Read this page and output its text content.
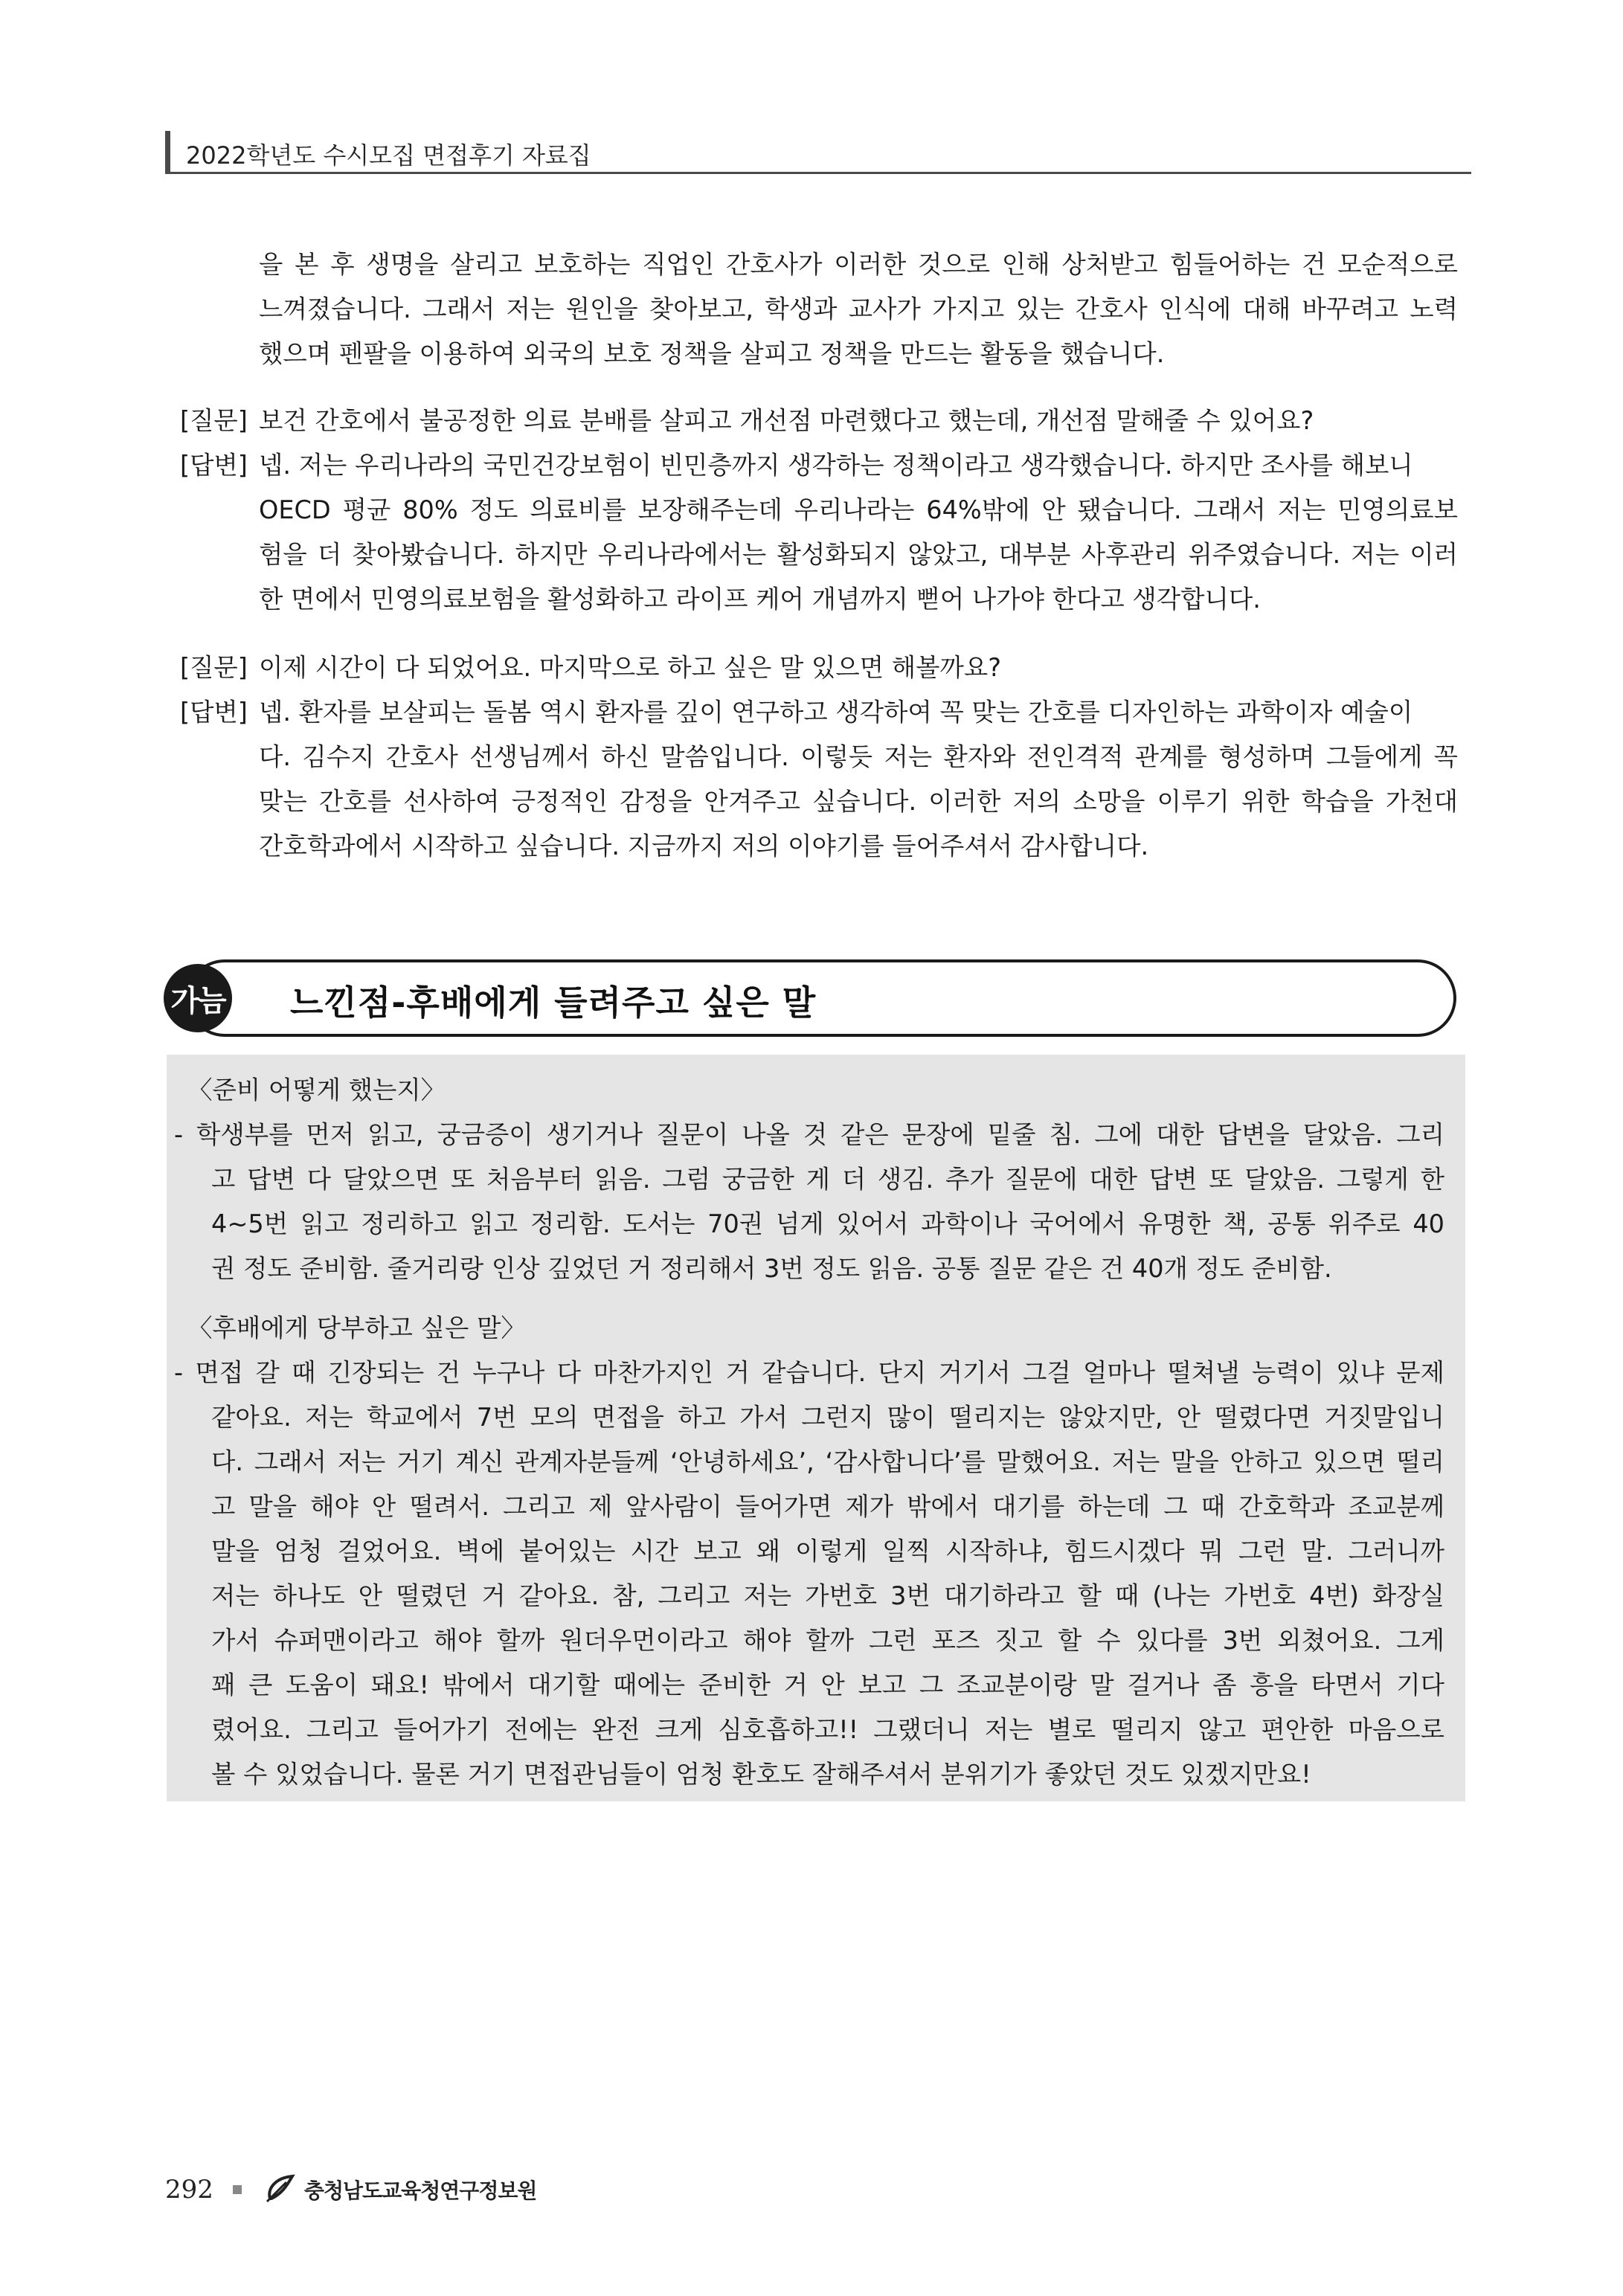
2022학년도 수시모집 면접후기 자료집
을 본 후 생명을 살리고 보호하는 직업인 간호사가 이러한 것으로 인해 상처받고 힘들어하는 건 모순적으로
느껴졌습니다. 그래서 저는 원인을 찾아보고, 학생과 교사가 가지고 있는 간호사 인식에 대해 바꾸려고 노력
했으며 펜팔을 이용하여 외국의 보호 정책을 살피고 정책을 만드는 활동을 했습니다.
[질문] 보건 간호에서 불공정한 의료 분배를 살피고 개선점 마련했다고 했는데, 개선점 말해줄 수 있어요?
[답변] 넵. 저는 우리나라의 국민건강보험이 빈민층까지 생각하는 정책이라고 생각했습니다. 하지만 조사를 해보니
OECD 평균 80% 정도 의료비를 보장해주는데 우리나라는 64%밖에 안 됐습니다. 그래서 저는 민영의료보
험을 더 찾아봤습니다. 하지만 우리나라에서는 활성화되지 않았고, 대부분 사후관리 위주였습니다. 저는 이러
한 면에서 민영의료보험을 활성화하고 라이프 케어 개념까지 뻗어 나가야 한다고 생각합니다.
[질문] 이제 시간이 다 되었어요. 마지막으로 하고 싶은 말 있으면 해볼까요?
[답변] 넵. 환자를 보살피는 돌봄 역시 환자를 깊이 연구하고 생각하여 꼭 맞는 간호를 디자인하는 과학이자 예술이
다. 김수지 간호사 선생님께서 하신 말씀입니다. 이렇듯 저는 환자와 전인격적 관계를 형성하며 그들에게 꼭
맞는 간호를 선사하여 긍정적인 감정을 안겨주고 싶습니다. 이러한 저의 소망을 이루기 위한 학습을 가천대
간호학과에서 시작하고 싶습니다. 지금까지 저의 이야기를 들어주셔서 감사합니다.
가늠 느낀점-후배에게 들려주고 싶은 말
〈준비 어떻게 했는지〉
- 학생부를 먼저 읽고, 궁금증이 생기거나 질문이 나올 것 같은 문장에 밑줄 침. 그에 대한 답변을 달았음. 그리
고 답변 다 달았으면 또 처음부터 읽음. 그럼 궁금한 게 더 생김. 추가 질문에 대한 답변 또 달았음. 그렇게 한
4~5번 읽고 정리하고 읽고 정리함. 도서는 70권 넘게 있어서 과학이나 국어에서 유명한 책, 공통 위주로 40
권 정도 준비함. 줄거리랑 인상 깊었던 거 정리해서 3번 정도 읽음. 공통 질문 같은 건 40개 정도 준비함.
〈후배에게 당부하고 싶은 말〉
- 면접 갈 때 긴장되는 건 누구나 다 마찬가지인 거 같습니다. 단지 거기서 그걸 얼마나 떨쳐낼 능력이 있냐 문제
같아요. 저는 학교에서 7번 모의 면접을 하고 가서 그런지 많이 떨리지는 않았지만, 안 떨렸다면 거짓말입니
다. 그래서 저는 거기 계신 관계자분들께 ‘안녕하세요’, ‘감사합니다’를 말했어요. 저는 말을 안하고 있으면 떨리
고 말을 해야 안 떨려서. 그리고 제 앞사람이 들어가면 제가 밖에서 대기를 하는데 그 때 간호학과 조교분께
말을 엄청 걸었어요. 벽에 붙어있는 시간 보고 왜 이렇게 일찍 시작하냐, 힘드시겠다 뭐 그런 말. 그러니까
저는 하나도 안 떨렸던 거 같아요. 참, 그리고 저는 가번호 3번 대기하라고 할 때 (나는 가번호 4번) 화장실
가서 슈퍼맨이라고 해야 할까 원더우먼이라고 해야 할까 그런 포즈 짓고 할 수 있다를 3번 외쳤어요. 그게
꽤 큰 도움이 돼요! 밖에서 대기할 때에는 준비한 거 안 보고 그 조교분이랑 말 걸거나 좀 흥을 타면서 기다
렸어요. 그리고 들어가기 전에는 완전 크게 심호흡하고!! 그랬더니 저는 별로 떨리지 않고 편안한 마음으로
볼 수 있었습니다. 물론 거기 면접관님들이 엄청 환호도 잘해주셔서 분위기가 좋았던 것도 있겠지만요!
292	충청남도교육청연구정보원
